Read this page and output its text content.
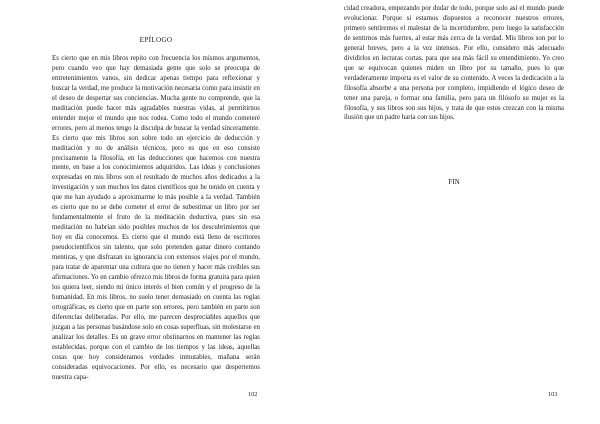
EPÍLOGO
Es cierto que en mis libros repito con frecuencia los mismos argumentos, pero cuando veo que hay demasiada gente que solo se preocupa de entretenimientos vanos, sin dedicar apenas tiempo para reflexionar y buscar la verdad, me produce la motivación necesaria como para insistir en el deseo de despertar sus conciencias. Mucha gente no comprende, que la meditación puede hacer más agradables nuestras vidas, al permitirnos entender mejor el mundo que nos rodea. Como todo el mundo cometeré errores, pero al menos tengo la disculpa de buscar la verdad sinceramente. Es cierto que mis libros son sobre todo un ejercicio de deducción y meditación y no de análisis técnicos, pero es que en eso consiste precisamente la filosofía, en las deducciones que hacemos con nuestra mente, en base a los conocimientos adquiridos. Las ideas y conclusiones expresadas en mis libros son el resultado de muchos años dedicados a la investigación y son muchos los datos científicos que he tenido en cuenta y que me han ayudado a aproximarme lo más posible a la verdad. También es cierto que no se debe cometer el error de subestimar un libro por ser fundamentalmente el fruto de la meditación deductiva, pues sin esa meditación no habrían sido posibles muchos de los descubrimientos que hoy en día conocemos. Es cierto que el mundo está lleno de escritores pseudocientíficos sin talento, que solo pretenden ganar dinero contando mentiras, y que disfrazan su ignorancia con extensos viajes por el mundo, para tratar de aparentar una cultura que no tienen y hacer más creíbles sus afirmaciones. Yo en cambio ofrezco mis libros de forma gratuita para quien los quiera leer, siendo mi único interés el bien común y el progreso de la humanidad. En mis libros, no suelo tener demasiado en cuenta las reglas ortográficas, es cierto que en parte son errores, pero también en parte son diferencias deliberadas. Por ello, me parecen despreciables aquellos que juzgan a las personas basándose solo en cosas superfluas, sin molestarse en analizar los detalles. Es un grave error obstinarnos en mantener las reglas establecidas, porque con el cambio de los tiempos y las ideas, aquellas cosas que hoy consideramos verdades inmutables, mañana serán consideradas equivocaciones. Por ello, es necesario que despertemos nuestra capa-
102
cidad creadora, empezando por dudar de todo, porque solo así el mundo puede evolucionar. Porque si estamos dispuestos a reconocer nuestros errores, primero sentiremos el malestar de la incertidumbre, pero luego la satisfacción de sentirnos más fuertes, al estar más cerca de la verdad. Mis libros son por lo general breves, pero a la vez intensos. Por ello, considero más adecuado dividirlos en lecturas cortas, para que sea más fácil su entendimiento. Yo creo que se equivocan quienes miden un libro por su tamaño, pues lo que verdaderamente importa es el valor de su contenido. A veces la dedicación a la filosofía absorbe a una persona por completo, impidiendo el lógico deseo de tener una pareja, o formar una familia, pero para un filósofo su mujer es la filosofía, y sus libros son sus hijos, y trata de que estos crezcan con la misma ilusión que un padre haría con sus hijos.
FIN
103
